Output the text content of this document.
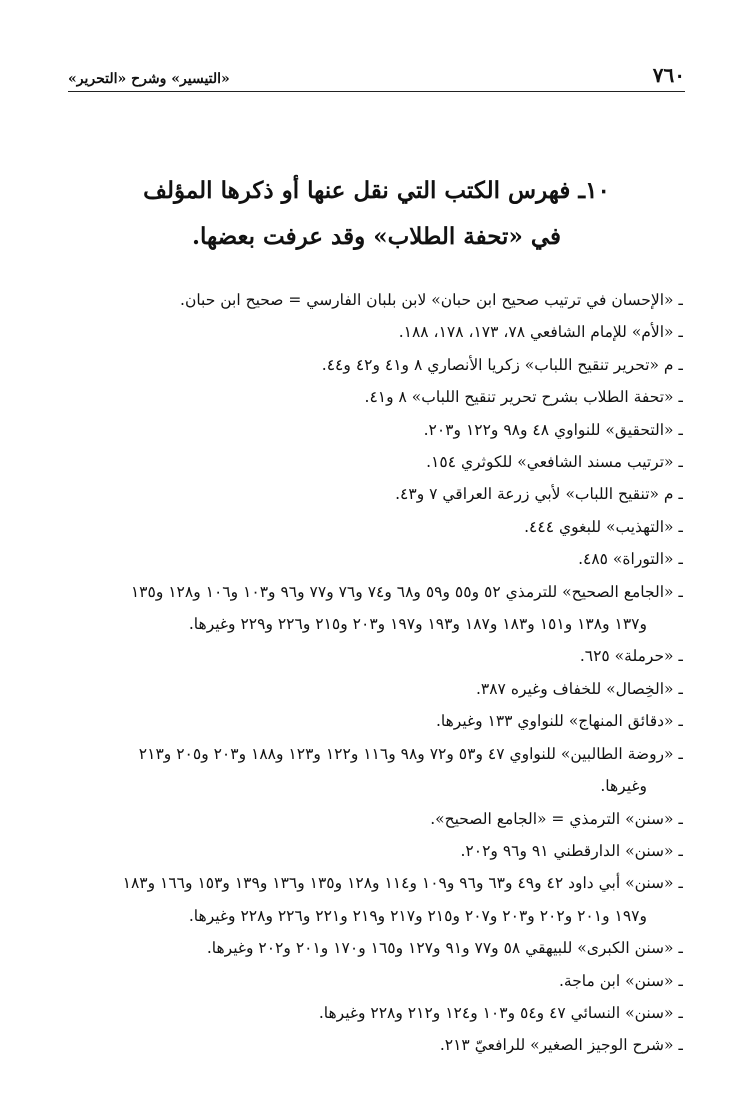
٧٦٠
«التيسير» وشرح «التحرير»
١٠ـ فهرس الكتب التي نقل عنها أو ذكرها المؤلف
في «تحفة الطلاب» وقد عرفت بعضها.
ـ «الإحسان في ترتيب صحيح ابن حبان» لابن بلبان الفارسي = صحيح ابن حبان.
ـ «الأم» للإمام الشافعي ٧٨، ١٧٣، ١٧٨، ١٨٨.
ـ م «تحرير تنقيح اللباب» زكريا الأنصاري ٨ و٤١ و٤٢ و٤٤.
ـ «تحفة الطلاب بشرح تحرير تنقيح اللباب» ٨ و٤١.
ـ «التحقيق» للنواوي ٤٨ و٩٨ و١٢٢ و٢٠٣.
ـ «ترتيب مسند الشافعي» للكوثري ١٥٤.
ـ م «تنقيح اللباب» لأبي زرعة العراقي ٧ و٤٣.
ـ «التهذيب» للبغوي ٤٤٤.
ـ «التوراة» ٤٨٥.
ـ «الجامع الصحيح» للترمذي ٥٢ و٥٥ و٥٩ و٦٨ و٧٤ و٧٦ و٧٧ و٩٦ و١٠٣ و١٠٦ و١٢٨ و١٣٥
و١٣٧ و١٣٨ و١٥١ و١٨٣ و١٨٧ و١٩٣ و١٩٧ و٢٠٣ و٢١٥ و٢٢٦ و٢٢٩ وغيرها.
ـ «حرملة» ٦٢٥.
ـ «الخِصال» للخفاف وغيره ٣٨٧.
ـ «دقائق المنهاج» للنواوي ١٣٣ وغيرها.
ـ «روضة الطالبين» للنواوي ٤٧ و٥٣ و٧٢ و٩٨ و١١٦ و١٢٢ و١٢٣ و١٨٨ و٢٠٣ و٢٠٥ و٢١٣
وغيرها.
ـ «سنن» الترمذي = «الجامع الصحيح».
ـ «سنن» الدارقطني ٩١ و٩٦ و٢٠٢.
ـ «سنن» أبي داود ٤٢ و٤٩ و٦٣ و٩٦ و١٠٩ و١١٤ و١٢٨ و١٣٥ و١٣٦ و١٣٩ و١٥٣ و١٦٦ و١٨٣
و١٩٧ و٢٠١ و٢٠٢ و٢٠٣ و٢٠٧ و٢١٥ و٢١٧ و٢١٩ و٢٢١ و٢٢٦ و٢٢٨ وغيرها.
ـ «سنن الكبرى» للبيهقي ٥٨ و٧٧ و٩١ و١٢٧ و١٦٥ و١٧٠ و٢٠١ و٢٠٢ وغيرها.
ـ «سنن» ابن ماجة.
ـ «سنن» النسائي ٤٧ و٥٤ و١٠٣ و١٢٤ و٢١٢ و٢٢٨ وغيرها.
ـ «شرح الوجيز الصغير» للرافعيّ ٢١٣.
